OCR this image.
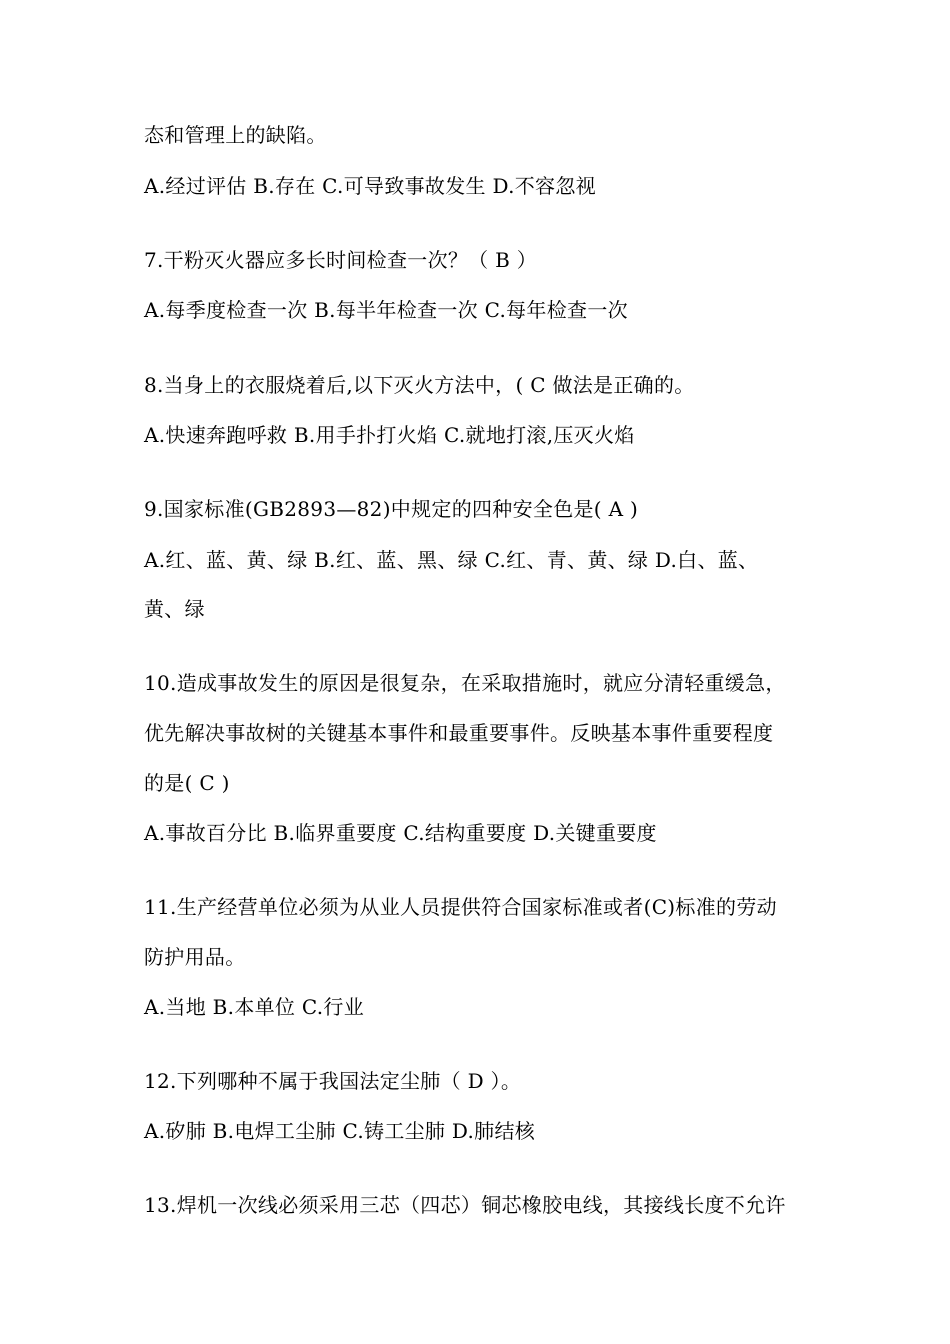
态和管理上的缺陷。
A.经过评估 B.存在 C.可导致事故发生 D.不容忽视
7.干粉灭火器应多长时间检查一次？（ B ）
A.每季度检查一次 B.每半年检查一次 C.每年检查一次
8.当身上的衣服烧着后,以下灭火方法中，( C 做法是正确的。
A.快速奔跑呼救 B.用手扑打火焰 C.就地打滚,压灭火焰
9.国家标准(GB2893—82)中规定的四种安全色是( A )
A.红、蓝、黄、绿 B.红、蓝、黑、绿 C.红、青、黄、绿 D.白、蓝、
黄、绿
10.造成事故发生的原因是很复杂，在采取措施时，就应分清轻重缓急，
优先解决事故树的关键基本事件和最重要事件。反映基本事件重要程度
的是( C )
A.事故百分比 B.临界重要度 C.结构重要度 D.关键重要度
11.生产经营单位必须为从业人员提供符合国家标准或者(C)标准的劳动
防护用品。
A.当地 B.本单位 C.行业
12.下列哪种不属于我国法定尘肺（ D ）。
A.矽肺 B.电焊工尘肺 C.铸工尘肺 D.肺结核
13.焊机一次线必须采用三芯（四芯）铜芯橡胶电线，其接线长度不允许
